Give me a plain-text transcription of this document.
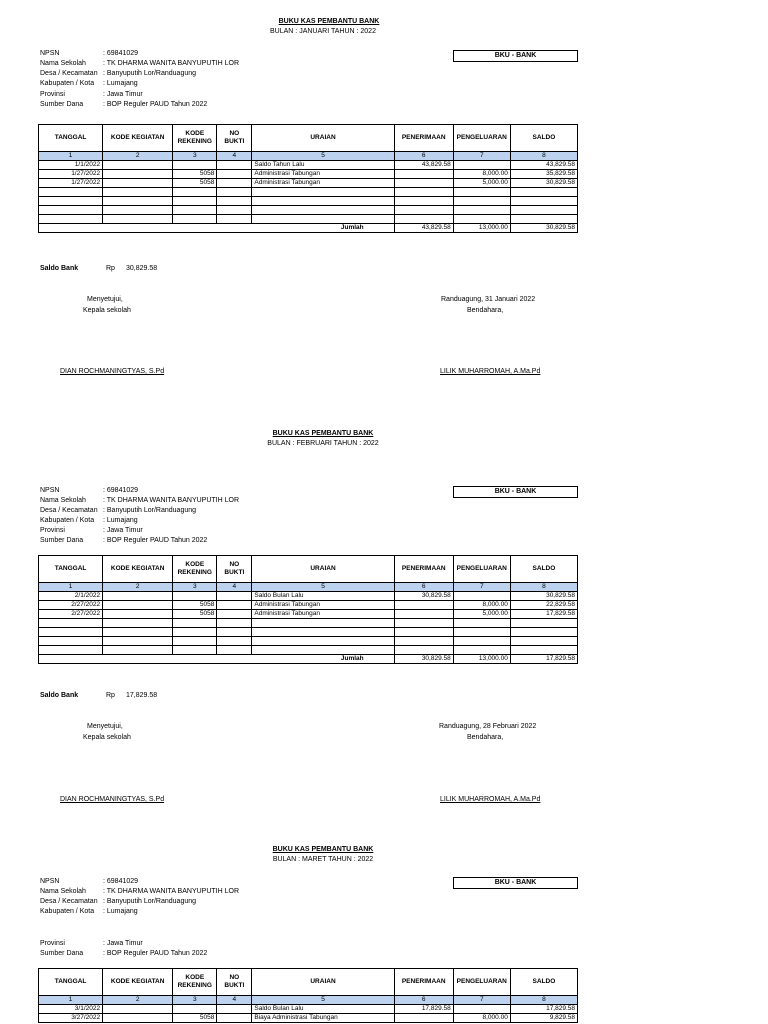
BUKU KAS PEMBANTU BANK
BULAN : JANUARI TAHUN : 2022
NPSN	: 69841029
Nama Sekolah : TK DHARMA WANITA BANYUPUTIH LOR
Desa / Kecamatan : Banyuputih Lor/Randuagung
Kabupaten / Kota : Lumajang
Provinsi	: Jawa Timur
Sumber Dana	: BOP Reguler PAUD Tahun 2022
BKU - BANK
TANGGAL	KODE KEGIATAN	KODE REKENING	NO BUKTI	URAIAN	PENERIMAAN	PENGELUARAN	SALDO
1	2	3	4	5	6	7	8
1/1/2022				Saldo Tahun Lalu	43,829.58		43,829.58
1/27/2022		5058		Administrasi Tabungan		8,000.00	35,829.58
1/27/2022		5058		Administrasi Tabungan		5,000.00	30,829.58

Jumlah					43,829.58	13,000.00	30,829.58
Saldo Bank	Rp 30,829.58
Menyetujui,
Kepala sekolah
Randuagung, 31 Januari 2022
Bendahara,
DIAN ROCHMANINGTYAS, S.Pd	LILIK MUHARROMAH, A.Ma.Pd
BUKU KAS PEMBANTU BANK
BULAN : FEBRUARI TAHUN : 2022
NPSN	: 69841029
Nama Sekolah : TK DHARMA WANITA BANYUPUTIH LOR
Desa / Kecamatan : Banyuputih Lor/Randuagung
Kabupaten / Kota : Lumajang
Provinsi	: Jawa Timur
Sumber Dana	: BOP Reguler PAUD Tahun 2022
BKU - BANK
TANGGAL	KODE KEGIATAN	KODE REKENING	NO BUKTI	URAIAN	PENERIMAAN	PENGELUARAN	SALDO
1	2	3	4	5	6	7	8
2/1/2022				Saldo Bulan Lalu	30,829.58		30,829.58
2/27/2022		5058		Administrasi Tabungan		8,000.00	22,829.58
2/27/2022		5058		Administrasi Tabungan		5,000.00	17,829.58

Jumlah					30,829.58	13,000.00	17,829.58
Saldo Bank	Rp 17,829.58
Menyetujui,
Kepala sekolah
Randuagung, 28 Februari 2022
Bendahara,
DIAN ROCHMANINGTYAS, S.Pd	LILIK MUHARROMAH, A.Ma.Pd
BUKU KAS PEMBANTU BANK
BULAN : MARET TAHUN : 2022
NPSN	: 69841029
Nama Sekolah : TK DHARMA WANITA BANYUPUTIH LOR
Desa / Kecamatan : Banyuputih Lor/Randuagung
Kabupaten / Kota : Lumajang
Provinsi	: Jawa Timur
Sumber Dana	: BOP Reguler PAUD Tahun 2022
BKU - BANK
TANGGAL	KODE KEGIATAN	KODE REKENING	NO BUKTI	URAIAN	PENERIMAAN	PENGELUARAN	SALDO
1	2	3	4	5	6	7	8
3/1/2022				Saldo Bulan Lalu	17,829.58		17,829.58
3/27/2022		5058		Biaya Administrasi Tabungan		8,000.00	9,829.58
